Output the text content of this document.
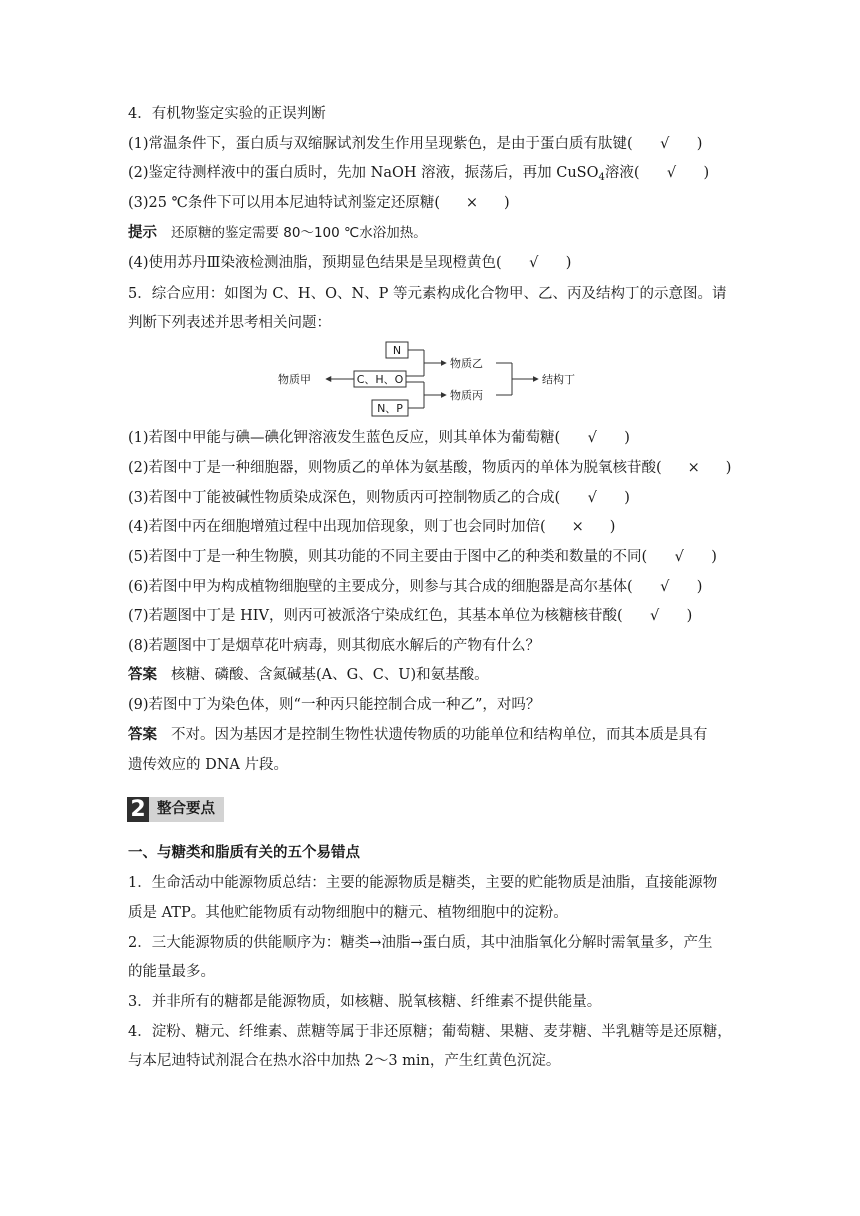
4．有机物鉴定实验的正误判断
(1)常温条件下，蛋白质与双缩脲试剂发生作用呈现紫色，是由于蛋白质有肽键( √ )
(2)鉴定待测样液中的蛋白质时，先加 NaOH 溶液，振荡后，再加 CuSO$_4$溶液( √ )
(3)25 ℃条件下可以用本尼迪特试剂鉴定还原糖( × )
提示 还原糖的鉴定需要 80～100 ℃水浴加热。
(4)使用苏丹Ⅲ染液检测油脂，预期显色结果是呈现橙黄色( √ )
5．综合应用：如图为 C、H、O、N、P 等元素构成化合物甲、乙、丙及结构丁的示意图。请
判断下列表述并思考相关问题：
N
C、H、O
N、P
物质甲
物质乙
物质丙
结构丁
(1)若图中甲能与碘—碘化钾溶液发生蓝色反应，则其单体为葡萄糖( √ )
(2)若图中丁是一种细胞器，则物质乙的单体为氨基酸，物质丙的单体为脱氧核苷酸( × )
(3)若图中丁能被碱性物质染成深色，则物质丙可控制物质乙的合成( √ )
(4)若图中丙在细胞增殖过程中出现加倍现象，则丁也会同时加倍( × )
(5)若图中丁是一种生物膜，则其功能的不同主要由于图中乙的种类和数量的不同( √ )
(6)若图中甲为构成植物细胞壁的主要成分，则参与其合成的细胞器是高尔基体( √ )
(7)若题图中丁是 HIV，则丙可被派洛宁染成红色，其基本单位为核糖核苷酸( √ )
(8)若题图中丁是烟草花叶病毒，则其彻底水解后的产物有什么？
答案 核糖、磷酸、含氮碱基(A、G、C、U)和氨基酸。
(9)若图中丁为染色体，则“一种丙只能控制合成一种乙”，对吗？
答案 不对。因为基因才是控制生物性状遗传物质的功能单位和结构单位，而其本质是具有
遗传效应的 DNA 片段。
2 整合要点
一、与糖类和脂质有关的五个易错点
1．生命活动中能源物质总结：主要的能源物质是糖类，主要的贮能物质是油脂，直接能源物
质是 ATP。其他贮能物质有动物细胞中的糖元、植物细胞中的淀粉。
2．三大能源物质的供能顺序为：糖类→油脂→蛋白质，其中油脂氧化分解时需氧量多，产生
的能量最多。
3．并非所有的糖都是能源物质，如核糖、脱氧核糖、纤维素不提供能量。
4．淀粉、糖元、纤维素、蔗糖等属于非还原糖；葡萄糖、果糖、麦芽糖、半乳糖等是还原糖，
与本尼迪特试剂混合在热水浴中加热 2～3 min，产生红黄色沉淀。
